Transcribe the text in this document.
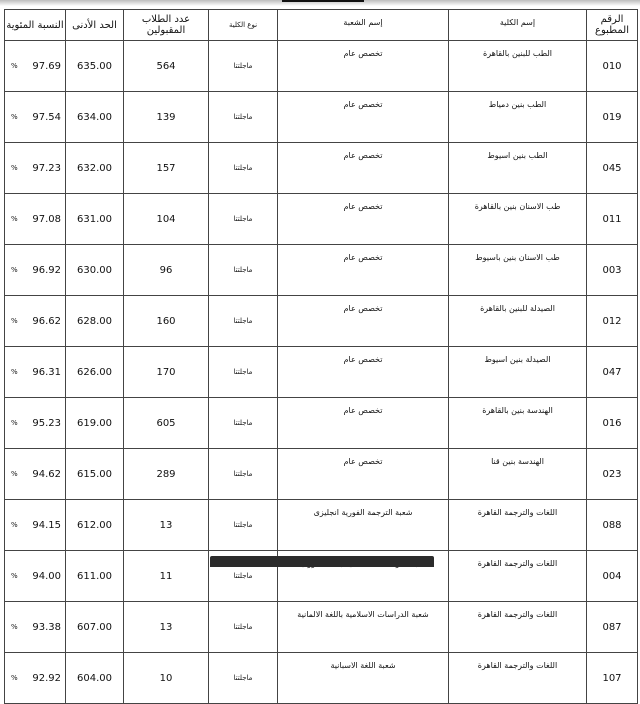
الرقم المطبوع	إسم الكلية	إسم الشعبة	نوع الكلية	عدد الطلاب المقبولين	الحد الأدنى	النسبة المئوية
010	الطب للبنين بالقاهرة	تخصص عام	ماجلتتا	564	635.00	% 97.69

019	الطب بنين دمياط	تخصص عام	ماجلتتا	139	634.00	% 97.54

045	الطب بنين اسيوط	تخصص عام	ماجلتتا	157	632.00	% 97.23

011	طب الاسنان بنين بالقاهرة	تخصص عام	ماجلتتا	104	631.00	% 97.08

003	طب الاسنان بنين باسيوط	تخصص عام	ماجلتتا	96	630.00	% 96.92

012	الصيدلة للبنين بالقاهرة	تخصص عام	ماجلتتا	160	628.00	% 96.62

047	الصيدلة بنين اسيوط	تخصص عام	ماجلتتا	170	626.00	% 96.31

016	الهندسة بنين بالقاهرة	تخصص عام	ماجلتتا	605	619.00	% 95.23

023	الهندسة بنين قنا	تخصص عام	ماجلتتا	289	615.00	% 94.62

088	اللغات والترجمة القاهرة	شعبة الترجمة الفورية انجليزى	ماجلتتا	13	612.00	% 94.15

004	اللغات والترجمة القاهرة		ماجلتتا	11	611.00	% 94.00

087	اللغات والترجمة القاهرة	شعبة الدراسات الاسلامية باللغة الالمانية	ماجلتتا	13	607.00	% 93.38

107	اللغات والترجمة القاهرة	شعبة اللغة الاسبانية	ماجلتتا	10	604.00	% 92.92
